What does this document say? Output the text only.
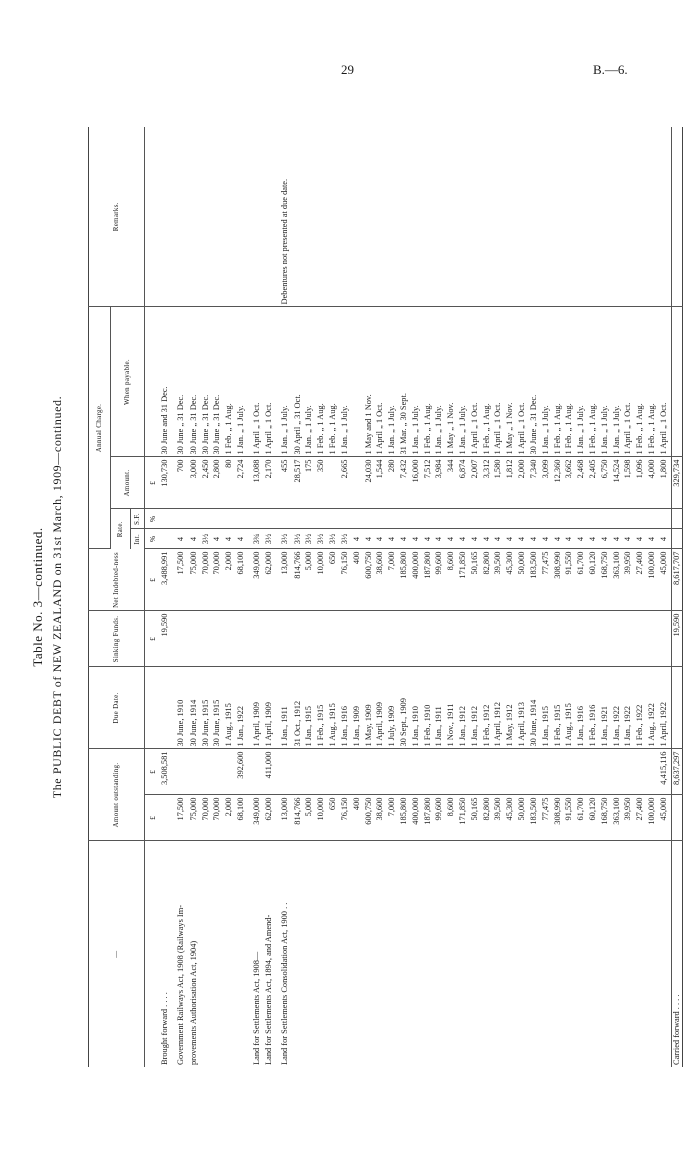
29	B.—6.
Table No. 3—continued. The PUBLIC DEBT of NEW ZEALAND on 31st March, 1909—continued.
—	Amount outstanding.		Due Date.	Sinking Funds.	Net Indebted-ness	Annual Charge.				Remarks.
						Rate.		Amount.	When payable.	
						Int.	S.F.			
	£	£		£	£	%	%	£		
Brought forward . . . .		3,508,581		19,590	3,488,991			130,730	30 June and 31 Dec.	
Government Railways Act, 1908 (Railways Im-	17,500		30 June, 1910		17,500	4		700	30 June „ 31 Dec.	
provements Authorisation Act, 1904)	75,000		30 June, 1914		75,000	4		3,000	30 June „ 31 Dec.	
	70,000		30 June, 1915		70,000	3½		2,450	30 June „ 31 Dec.	
	70,000		30 June, 1915		70,000	4		2,800	30 June „ 31 Dec.	
	2,000		1 Aug., 1915		2,000	4		80	1 Feb. „ 1 Aug.	
	68,100	392,600	1 Jan., 1922		68,100	4		2,724	1 Jan. „ 1 July.	
Land for Settlements Act, 1908—	349,000		1 April, 1909		349,000	3¾		13,088	1 April „ 1 Oct.	
Land for Settlements Act, 1894, and Amend-	62,000	411,000	1 April, 1909		62,000	3½		2,170	1 April „ 1 Oct.	
Land for Settlements Consolidation Act, 1900 . .	13,000		1 Jan., 1911		13,000	3½		455	1 Jan. „ 1 July.	Debentures not presented at due date.
	814,766		31 Oct., 1912		814,766	3½		28,517	30 April „ 31 Oct.	
	5,000		1 Jan., 1915		5,000	3½		175	1 Jan. „ 1 July.	
	10,000		1 Feb., 1915		10,000	3½		350	1 Feb. „ 1 Aug.	
	650		1 Aug., 1915		650	3½			1 Feb. „ 1 Aug.	
	76,150		1 Jan., 1916		76,150	3½		2,665	1 Jan. „ 1 July.	
	400		1 Jan., 1909		400	4				
	600,750		1 May, 1909		600,750	4		24,030	1 May and 1 Nov.	
	38,600		1 April, 1909		38,600	4		1,544	1 April „ 1 Oct.	
	7,000		1 July, 1909		7,000	4		280	1 Jan. „ 1 July.	
	185,800		30 Sept., 1909		185,800	4		7,432	31 Mar. „ 30 Sept.	
	400,000		1 Jan., 1910		400,000	4		16,000	1 Jan. „ 1 July.	
	187,800		1 Feb., 1910		187,800	4		7,512	1 Feb. „ 1 Aug.	
	99,600		1 Jan., 1911		99,600	4		3,984	1 Jan. „ 1 July.	
	8,600		1 Nov., 1911		8,600	4		344	1 May „ 1 Nov.	
	171,850		1 Jan., 1912		171,850	4		6,874	1 Jan. „ 1 July.	
	50,165		1 Jan., 1912		50,165	4		2,007	1 April „ 1 Oct.	
	82,800		1 Feb., 1912		82,800	4		3,312	1 Feb. „ 1 Aug.	
	39,500		1 April, 1912		39,500	4		1,580	1 April „ 1 Oct.	
	45,300		1 May, 1912		45,300	4		1,812	1 May „ 1 Nov.	
	50,000		1 April, 1913		50,000	4		2,000	1 April „ 1 Oct.	
	183,500		30 June, 1914		183,500	4		7,340	30 June „ 31 Dec.	
	77,475		1 Jan., 1915		77,475	4		3,099	1 Jan. „ 1 July.	
	308,990		1 Feb., 1915		308,990	4		12,360	1 Feb. „ 1 Aug.	
	91,550		1 Aug., 1915		91,550	4		3,662	1 Feb. „ 1 Aug.	
	61,700		1 Jan., 1916		61,700	4		2,468	1 Jan. „ 1 July.	
	60,120		1 Feb., 1916		60,120	4		2,405	1 Feb. „ 1 Aug.	
	168,750		1 Jan., 1921		168,750	4		6,750	1 Jan. „ 1 July.	
	363,100		1 Jan., 1922		363,100	4		14,524	1 Jan. „ 1 July.	
	39,950		1 Jan., 1922		39,950	4		1,598	1 April „ 1 Oct.	
	27,400		1 Feb., 1922		27,400	4		1,096	1 Feb. „ 1 Aug.	
	100,000		1 Aug., 1922		100,000	4		4,000	1 Feb. „ 1 Aug.	
	45,000	4,415,116	1 April, 1922		45,000	4		1,800	1 April „ 1 Oct.	
Carried forward . . . .		8,637,297		19,590	8,617,707			329,734		
